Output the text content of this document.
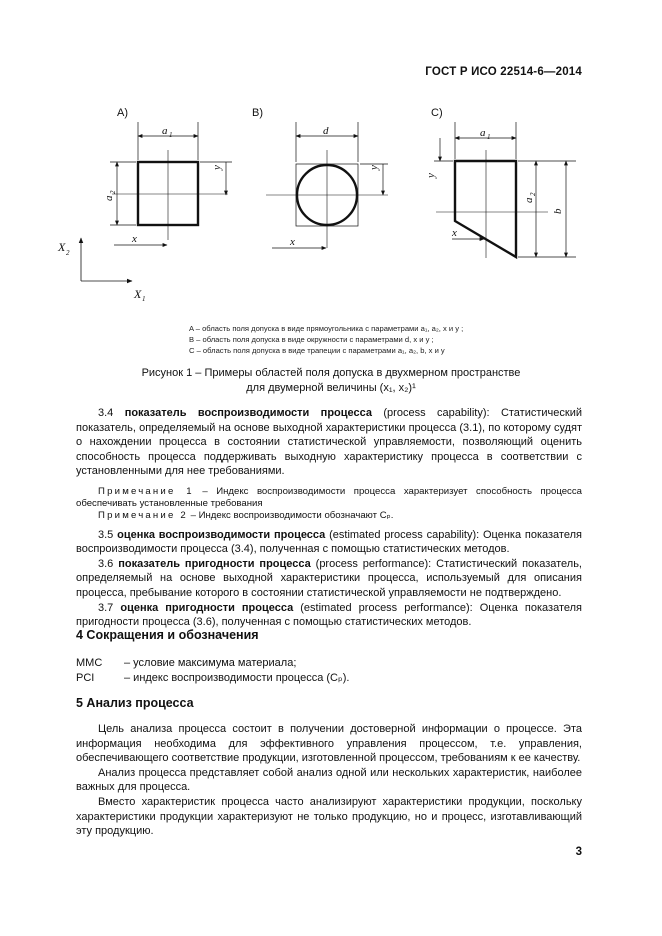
ГОСТ Р ИСО 22514-6—2014
A)
a 1
a
2
y
x
X 2
X 1
B)
d
y
x
C)
a 1
a
2
b
y
x

A – область поля допуска в виде прямоугольника с параметрами a₁, a₂, x и y ;

B – область поля допуска в виде окружности с параметрами d, x и y ;

C – область поля допуска в виде трапеции с параметрами a₁, a₂, b, x и y

Рисунок 1 – Примеры областей поля допуска в двухмерном пространстве

для двумерной величины (x₁, x₂)¹

3.4 показатель воспроизводимости процесса (process capability): Статистический показатель, определяемый на основе выходной характеристики процесса (3.1), по которому судят о нахождении процесса в состоянии статистической управляемости, позволяющий оценить способность процесса поддерживать выходную характеристику процесса в соответствии с установленными для нее требованиями.

Примечание 1 – Индекс воспроизводимости процесса характеризует способность процесса обеспечивать установленные требования

Примечание 2 – Индекс воспроизводимости обозначают Cₚ.

3.5 оценка воспроизводимости процесса (estimated process capability): Оценка показателя воспроизводимости процесса (3.4), полученная с помощью статистических методов.

3.6 показатель пригодности процесса (process performance): Статистический показатель, определяемый на основе выходной характеристики процесса, используемый для описания процесса, пребывание которого в состоянии статистической управляемости не подтверждено.

3.7 оценка пригодности процесса (estimated process performance): Оценка показателя пригодности процесса (3.6), полученная с помощью статистических методов.

4 Сокращения и обозначения
MMC	– условие максимума материала;
PCI	– индекс воспроизводимости процесса (Cₚ).
5 Анализ процесса

Цель анализа процесса состоит в получении достоверной информации о процессе. Эта информация необходима для эффективного управления процессом, т.е. управления, обеспечивающего соответствие продукции, изготовленной процессом, требованиям к ее качеству.

Анализ процесса представляет собой анализ одной или нескольких характеристик, наиболее важных для процесса.

Вместо характеристик процесса часто анализируют характеристики продукции, поскольку характеристики продукции характеризуют не только продукцию, но и процесс, изготавливающий эту продукцию.

3
